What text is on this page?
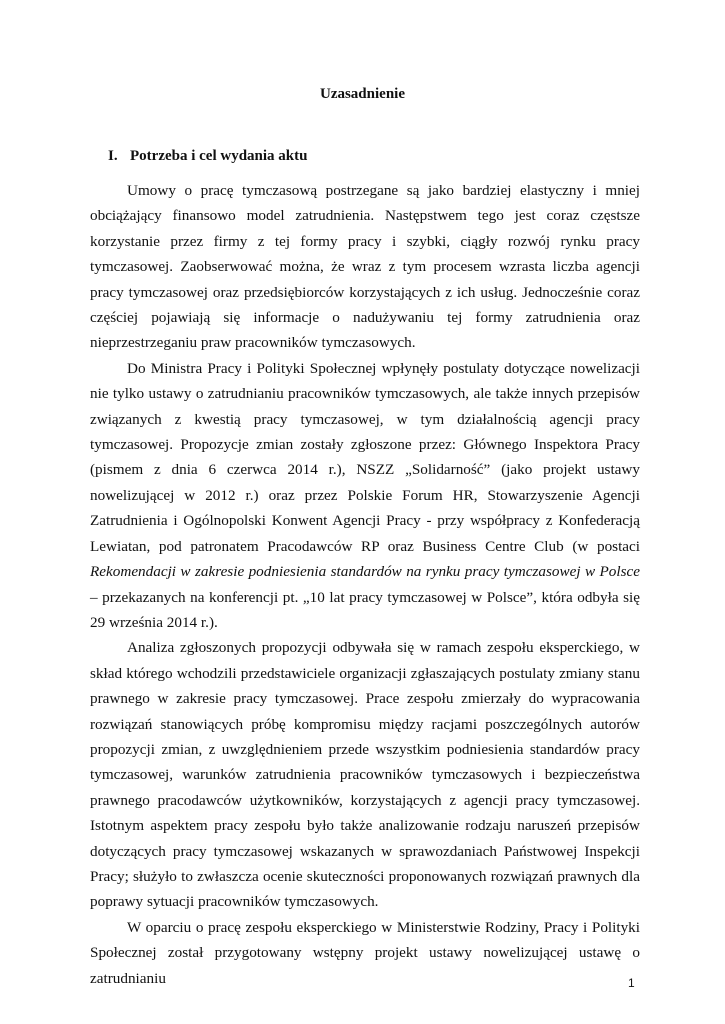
Uzasadnienie
I. Potrzeba i cel wydania aktu

Umowy o pracę tymczasową postrzegane są jako bardziej elastyczny i mniej obciążający finansowo model zatrudnienia. Następstwem tego jest coraz częstsze korzystanie przez firmy z tej formy pracy i szybki, ciągły rozwój rynku pracy tymczasowej. Zaobserwować można, że wraz z tym procesem wzrasta liczba agencji pracy tymczasowej oraz przedsiębiorców korzystających z ich usług. Jednocześnie coraz częściej pojawiają się informacje o nadużywaniu tej formy zatrudnienia oraz nieprzestrzeganiu praw pracowników tymczasowych.

Do Ministra Pracy i Polityki Społecznej wpłynęły postulaty dotyczące nowelizacji nie tylko ustawy o zatrudnianiu pracowników tymczasowych, ale także innych przepisów związanych z kwestią pracy tymczasowej, w tym działalnością agencji pracy tymczasowej. Propozycje zmian zostały zgłoszone przez: Głównego Inspektora Pracy (pismem z dnia 6 czerwca 2014 r.), NSZZ „Solidarność” (jako projekt ustawy nowelizującej w 2012 r.) oraz przez Polskie Forum HR, Stowarzyszenie Agencji Zatrudnienia i Ogólnopolski Konwent Agencji Pracy - przy współpracy z Konfederacją Lewiatan, pod patronatem Pracodawców RP oraz Business Centre Club (w postaci Rekomendacji w zakresie podniesienia standardów na rynku pracy tymczasowej w Polsce – przekazanych na konferencji pt. „10 lat pracy tymczasowej w Polsce”, która odbyła się 29 września 2014 r.).

Analiza zgłoszonych propozycji odbywała się w ramach zespołu eksperckiego, w skład którego wchodzili przedstawiciele organizacji zgłaszających postulaty zmiany stanu prawnego w zakresie pracy tymczasowej. Prace zespołu zmierzały do wypracowania rozwiązań stanowiących próbę kompromisu między racjami poszczególnych autorów propozycji zmian, z uwzględnieniem przede wszystkim podniesienia standardów pracy tymczasowej, warunków zatrudnienia pracowników tymczasowych i bezpieczeństwa prawnego pracodawców użytkowników, korzystających z agencji pracy tymczasowej. Istotnym aspektem pracy zespołu było także analizowanie rodzaju naruszeń przepisów dotyczących pracy tymczasowej wskazanych w sprawozdaniach Państwowej Inspekcji Pracy; służyło to zwłaszcza ocenie skuteczności proponowanych rozwiązań prawnych dla poprawy sytuacji pracowników tymczasowych.

W oparciu o pracę zespołu eksperckiego w Ministerstwie Rodziny, Pracy i Polityki Społecznej został przygotowany wstępny projekt ustawy nowelizującej ustawę o zatrudnianiu	1
